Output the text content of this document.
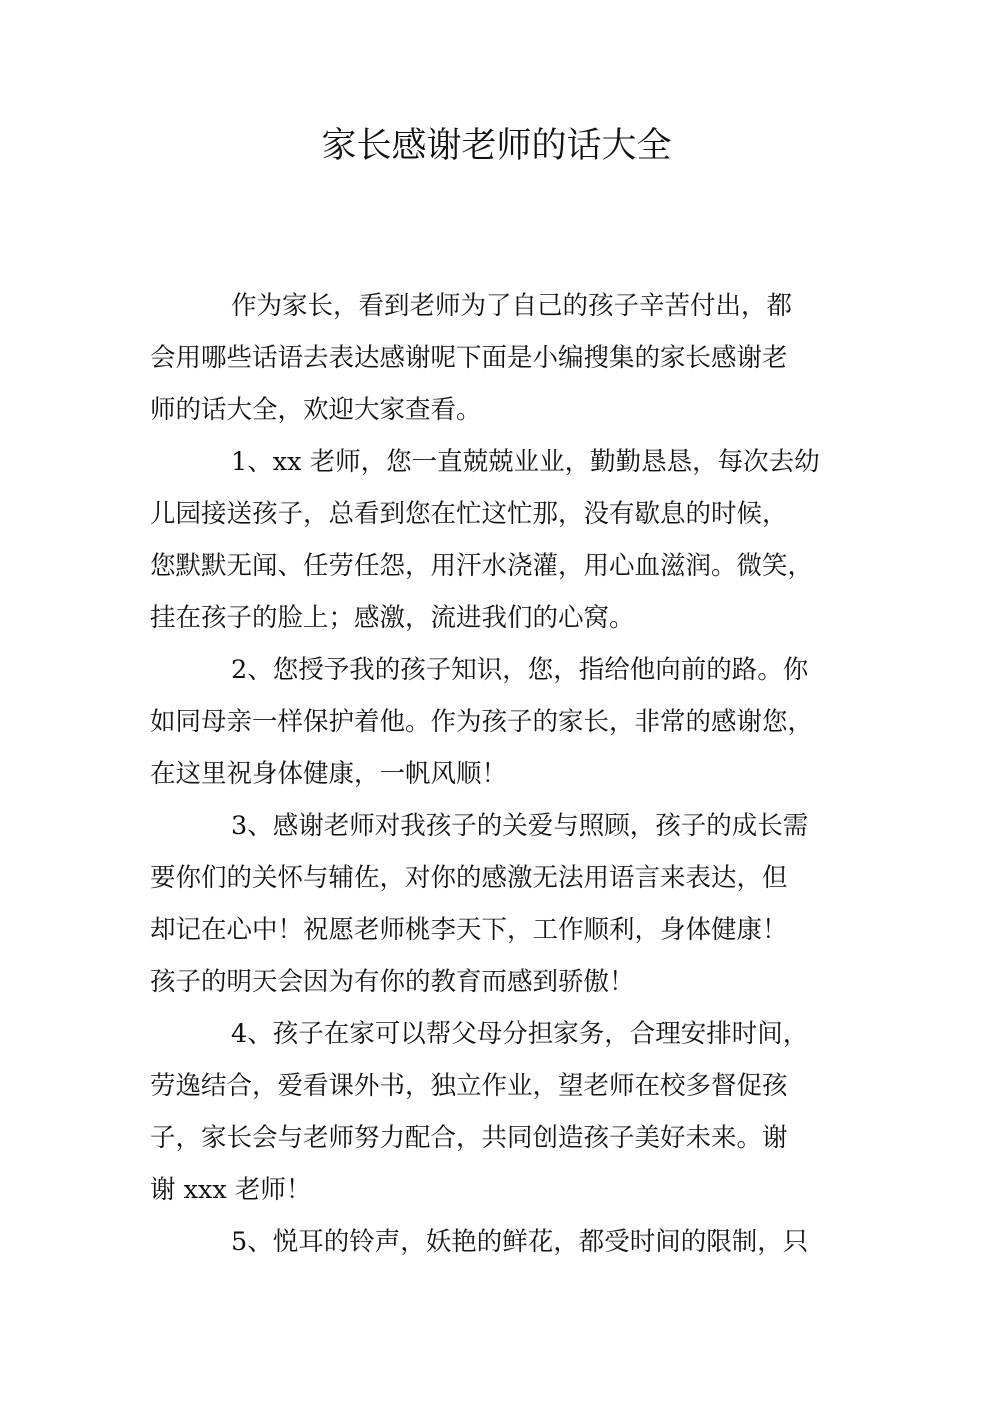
家长感谢老师的话大全
作为家长，看到老师为了自己的孩子辛苦付出，都
会用哪些话语去表达感谢呢下面是小编搜集的家长感谢老
师的话大全，欢迎大家查看。
1、xx 老师，您一直兢兢业业，勤勤恳恳，每次去幼
儿园接送孩子，总看到您在忙这忙那，没有歇息的时候，
您默默无闻、任劳任怨，用汗水浇灌，用心血滋润。微笑，
挂在孩子的脸上；感激，流进我们的心窝。
2、您授予我的孩子知识，您，指给他向前的路。你
如同母亲一样保护着他。作为孩子的家长，非常的感谢您，
在这里祝身体健康，一帆风顺！
3、感谢老师对我孩子的关爱与照顾，孩子的成长需
要你们的关怀与辅佐，对你的感激无法用语言来表达，但
却记在心中！祝愿老师桃李天下，工作顺利，身体健康！
孩子的明天会因为有你的教育而感到骄傲！
4、孩子在家可以帮父母分担家务，合理安排时间，
劳逸结合，爱看课外书，独立作业，望老师在校多督促孩
子，家长会与老师努力配合，共同创造孩子美好未来。谢
谢 xxx 老师！
5、悦耳的铃声，妖艳的鲜花，都受时间的限制，只
